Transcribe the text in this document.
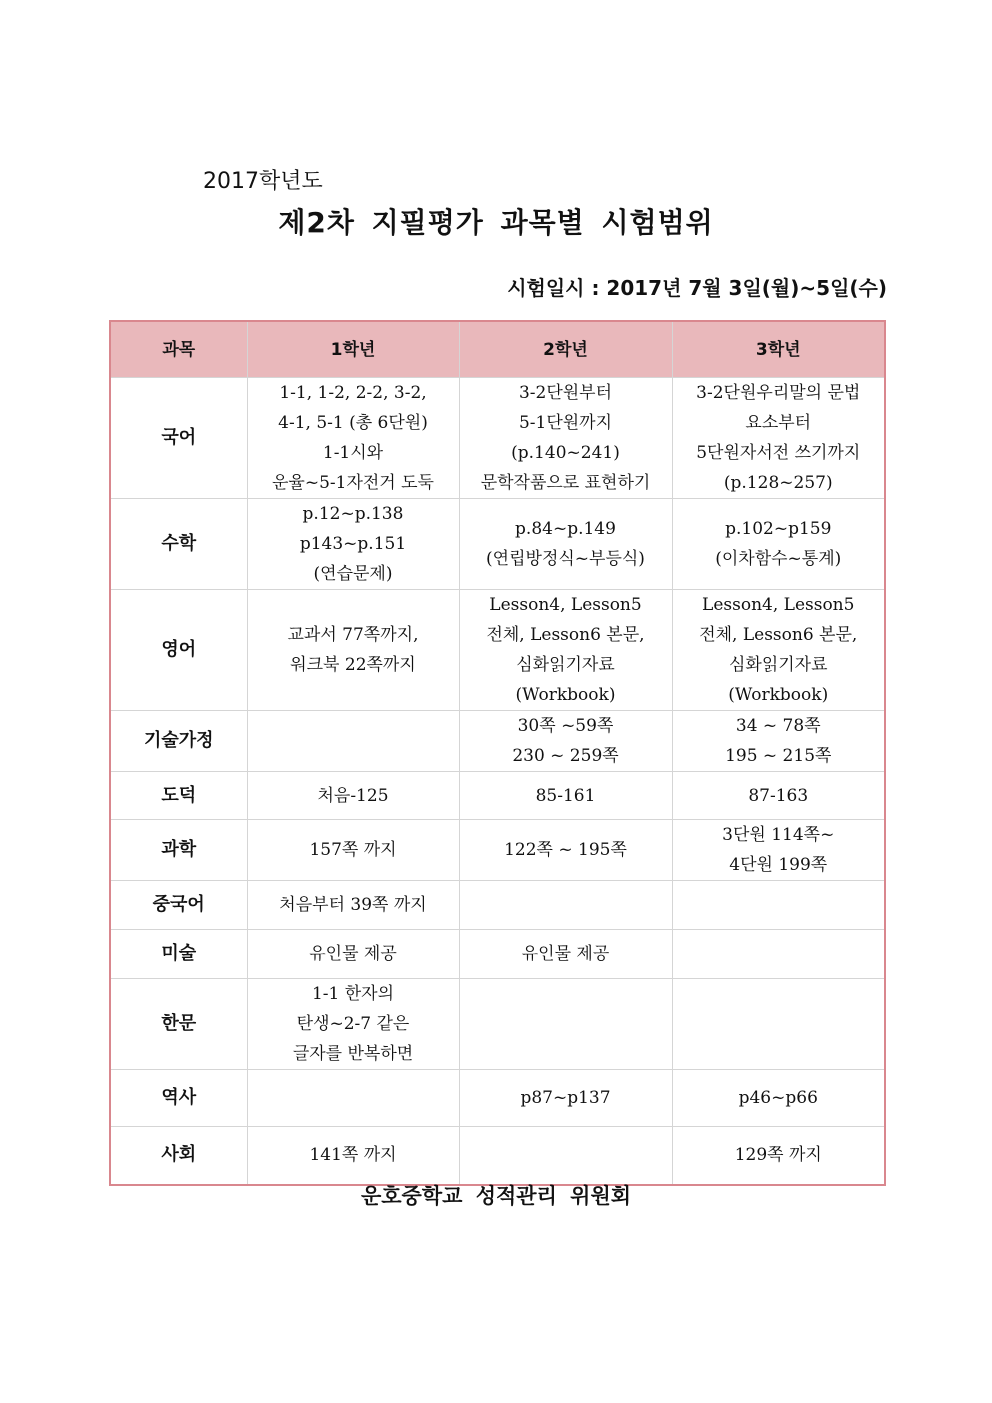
2017학년도
제2차 지필평가 과목별 시험범위
시험일시 : 2017년 7월 3일(월)~5일(수)
과목	1학년	2학년	3학년
국어	1-1, 1-2, 2-2, 3-2,
4-1, 5-1 (총 6단원)
1-1시와
운율~5-1자전거 도둑	3-2단원부터
5-1단원까지
(p.140~241)
문학작품으로 표현하기	3-2단원우리말의 문법
요소부터
5단원자서전 쓰기까지
(p.128~257)

수학	p.12~p.138
p143~p.151
(연습문제)	p.84~p.149
(연립방정식~부등식)	p.102~p159
(이차함수~통계)

영어	교과서 77쪽까지,
워크북 22쪽까지	Lesson4, Lesson5
전체, Lesson6 본문,
심화읽기자료
(Workbook)	Lesson4, Lesson5
전체, Lesson6 본문,
심화읽기자료
(Workbook)

기술가정		30쪽 ~59쪽
230 ~ 259쪽	34 ~ 78쪽
195 ~ 215쪽

도덕	처음-125	85-161	87-163

과학	157쪽 까지	122쪽 ~ 195쪽	3단원 114쪽~
4단원 199쪽

중국어	처음부터 39쪽 까지		

미술	유인물 제공	유인물 제공	

한문	1-1 한자의
탄생~2-7 같은
글자를 반복하면		

역사		p87~p137	p46~p66

사회	141쪽 까지		129쪽 까지
운호중학교 성적관리 위원회
